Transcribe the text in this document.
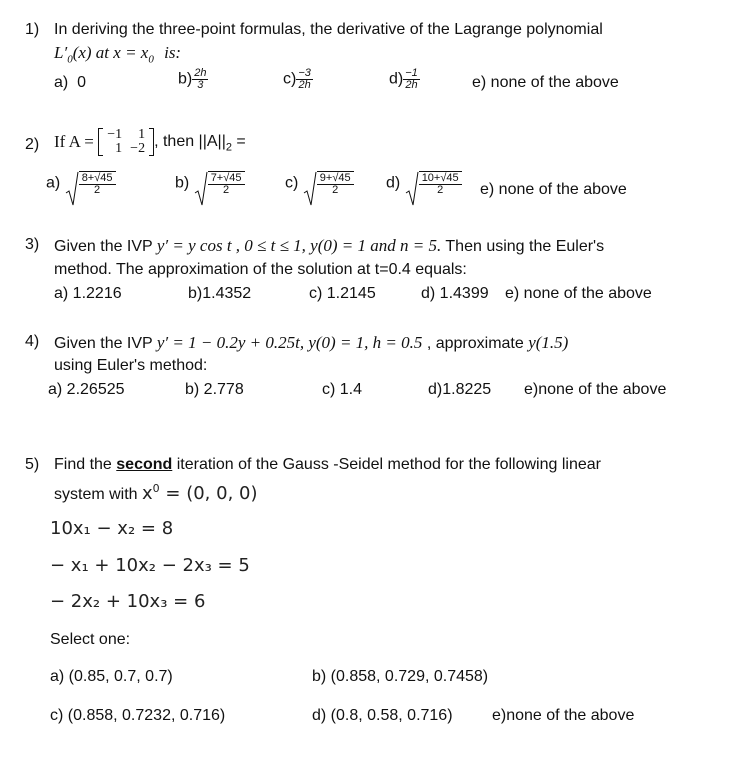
1) In deriving the three-point formulas, the derivative of the Lagrange polynomial
$L'_0(x)$ at $x = x_0$ is:
a) 0	$b) \frac{2h}{3}$	$c) \frac{-3}{2h}$	$d) \frac{-1}{2h}$	e) none of the above
2) If A = −1	1
1	−2 , then $||A||_2$ =
$a) \frac{8+√45}{2}$	$b) \frac{7+√45}{2}$	$c) \frac{9+√45}{2} d) \frac{10+√45}{2} e$) none of the above
3) Given the IVP y′ = y cos t , 0 ≤ t ≤ 1, y(0) = 1 and n = 5. Then using the Euler's
method. The approximation of the solution at t=0.4 equals:
a) 1.2216	b)1.4352	c) 1.2145	d) 1.4399 e) none of the above
4) Given the IVP y′ = 1 − 0.2y + 0.25t, y(0) = 1, h = 0.5 , approximate y(1.5)
using Euler's method:
a) 2.26525	b) 2.778	c) 1.4	d)1.8225 e)none of the above
5) Find the second iteration of the Gauss -Seidel method for the following linear
system with $x^0 = (0$, 0, 0)
10x₁ − x₂ = 8
− x₁ + 10x₂ − 2x₃ = 5
− 2x₂ + 10x₃ = 6
Select one:
a) (0.85, 0.7, 0.7)	b) (0.858, 0.729, 0.7458)
c) (0.858, 0.7232, 0.716)	d) (0.8, 0.58, 0.716) e)none of the above
